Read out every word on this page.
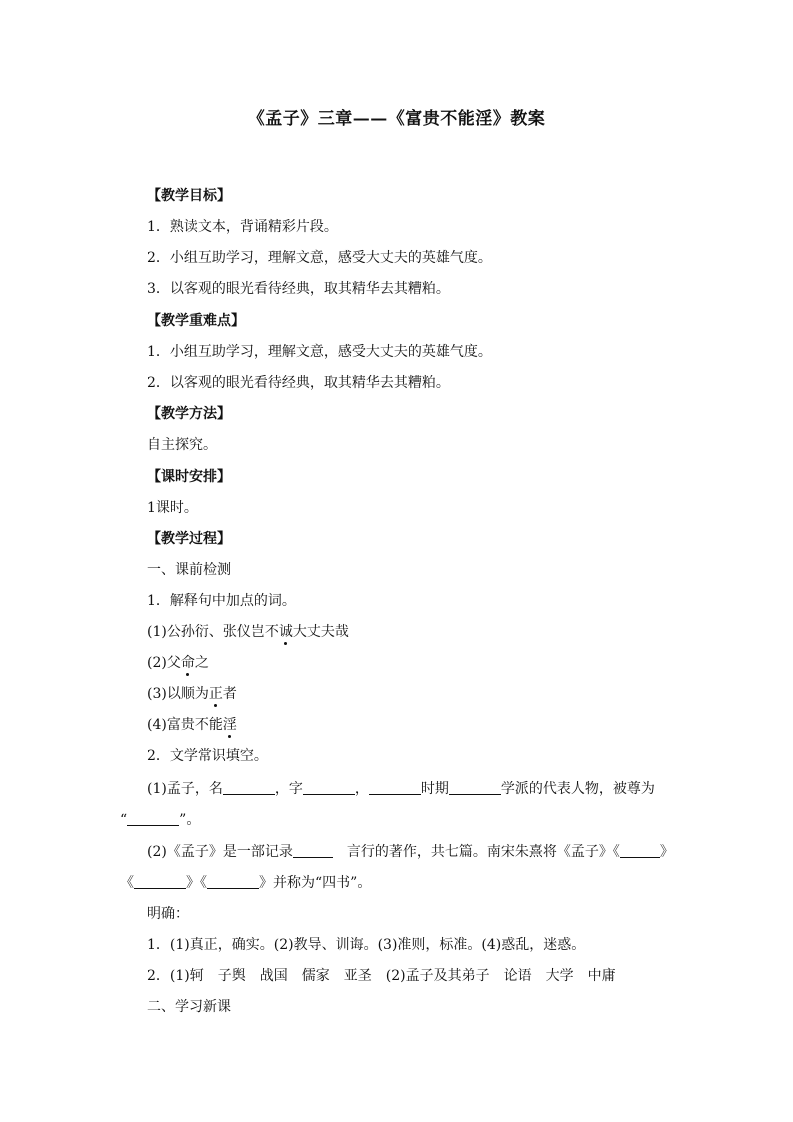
《孟子》三章——《富贵不能淫》教案
【教学目标】
1．熟读文本，背诵精彩片段。
2．小组互助学习，理解文意，感受大丈夫的英雄气度。
3．以客观的眼光看待经典，取其精华去其糟粕。
【教学重难点】
1．小组互助学习，理解文意，感受大丈夫的英雄气度。
2．以客观的眼光看待经典，取其精华去其糟粕。
【教学方法】
自主探究。
【课时安排】
1课时。
【教学过程】
一、课前检测
1．解释句中加点的词。
(1)公孙衍、张仪岂不诚大丈夫哉
(2)父命之
(3)以顺为正者
(4)富贵不能淫
2．文学常识填空。
(1)孟子，名	，字	，	时期	学派的代表人物，被尊为
“	”。
(2)《孟子》是一部记录	言行的著作，共七篇。南宋朱熹将《孟子》《	》
《	》《	》并称为“四书”。
明确：
1．(1)真正，确实。(2)教导、训诲。(3)准则，标准。(4)惑乱，迷惑。
2．(1)轲　子舆　战国　儒家　亚圣　(2)孟子及其弟子　论语　大学　中庸
二、学习新课
